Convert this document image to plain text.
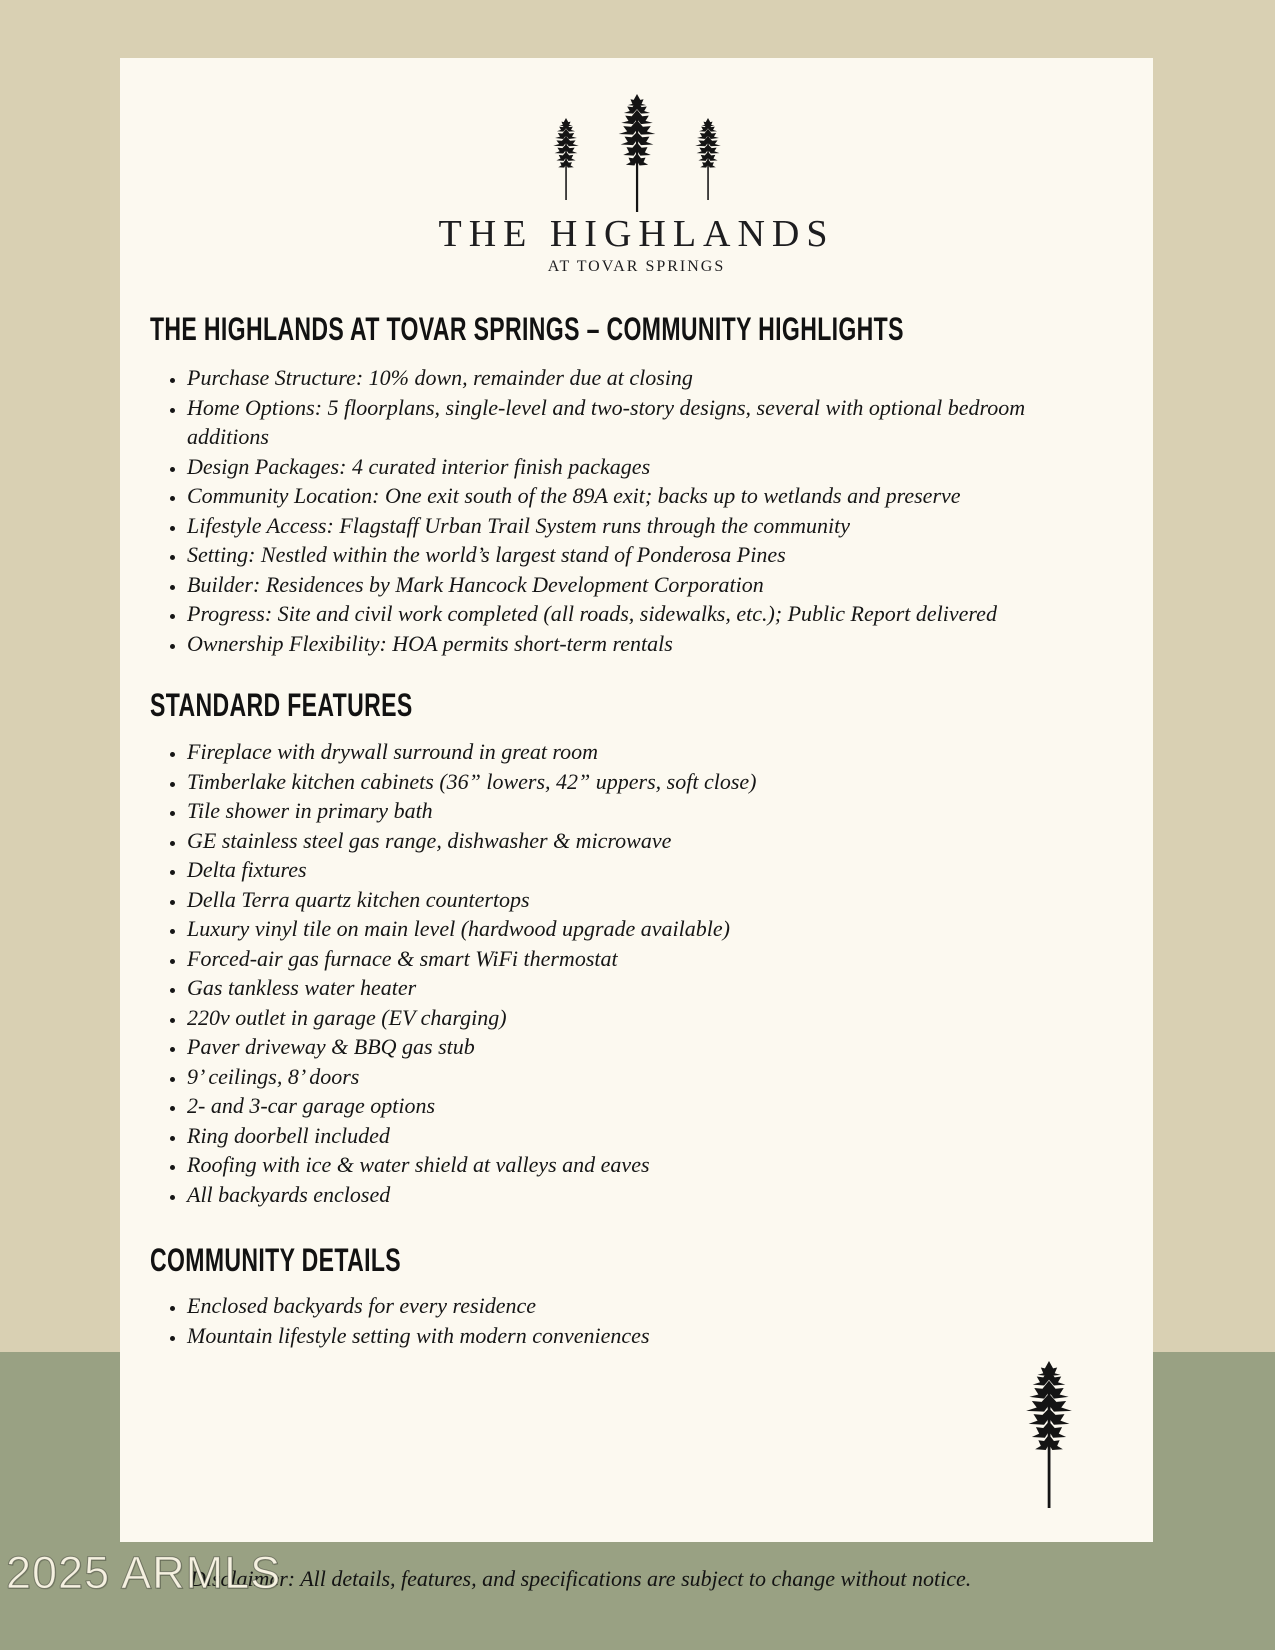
THE HIGHLANDS
AT TOVAR SPRINGS
THE HIGHLANDS AT TOVAR SPRINGS – COMMUNITY HIGHLIGHTS
• Purchase Structure: 10% down, remainder due at closing
• Home Options: 5 floorplans, single-level and two-story designs, several with optional bedroom additions
• Design Packages: 4 curated interior finish packages
• Community Location: One exit south of the 89A exit; backs up to wetlands and preserve
• Lifestyle Access: Flagstaff Urban Trail System runs through the community
• Setting: Nestled within the world’s largest stand of Ponderosa Pines
• Builder: Residences by Mark Hancock Development Corporation
• Progress: Site and civil work completed (all roads, sidewalks, etc.); Public Report delivered
• Ownership Flexibility: HOA permits short-term rentals
STANDARD FEATURES
• Fireplace with drywall surround in great room
• Timberlake kitchen cabinets (36” lowers, 42” uppers, soft close)
• Tile shower in primary bath
• GE stainless steel gas range, dishwasher & microwave
• Delta fixtures
• Della Terra quartz kitchen countertops
• Luxury vinyl tile on main level (hardwood upgrade available)
• Forced-air gas furnace & smart WiFi thermostat
• Gas tankless water heater
• 220v outlet in garage (EV charging)
• Paver driveway & BBQ gas stub
• 9’ ceilings, 8’ doors
• 2- and 3-car garage options
• Ring doorbell included
• Roofing with ice & water shield at valleys and eaves
• All backyards enclosed
COMMUNITY DETAILS
• Enclosed backyards for every residence
• Mountain lifestyle setting with modern conveniences
Disclaimer: All details, features, and specifications are subject to change without notice.
2025 ARMLS
